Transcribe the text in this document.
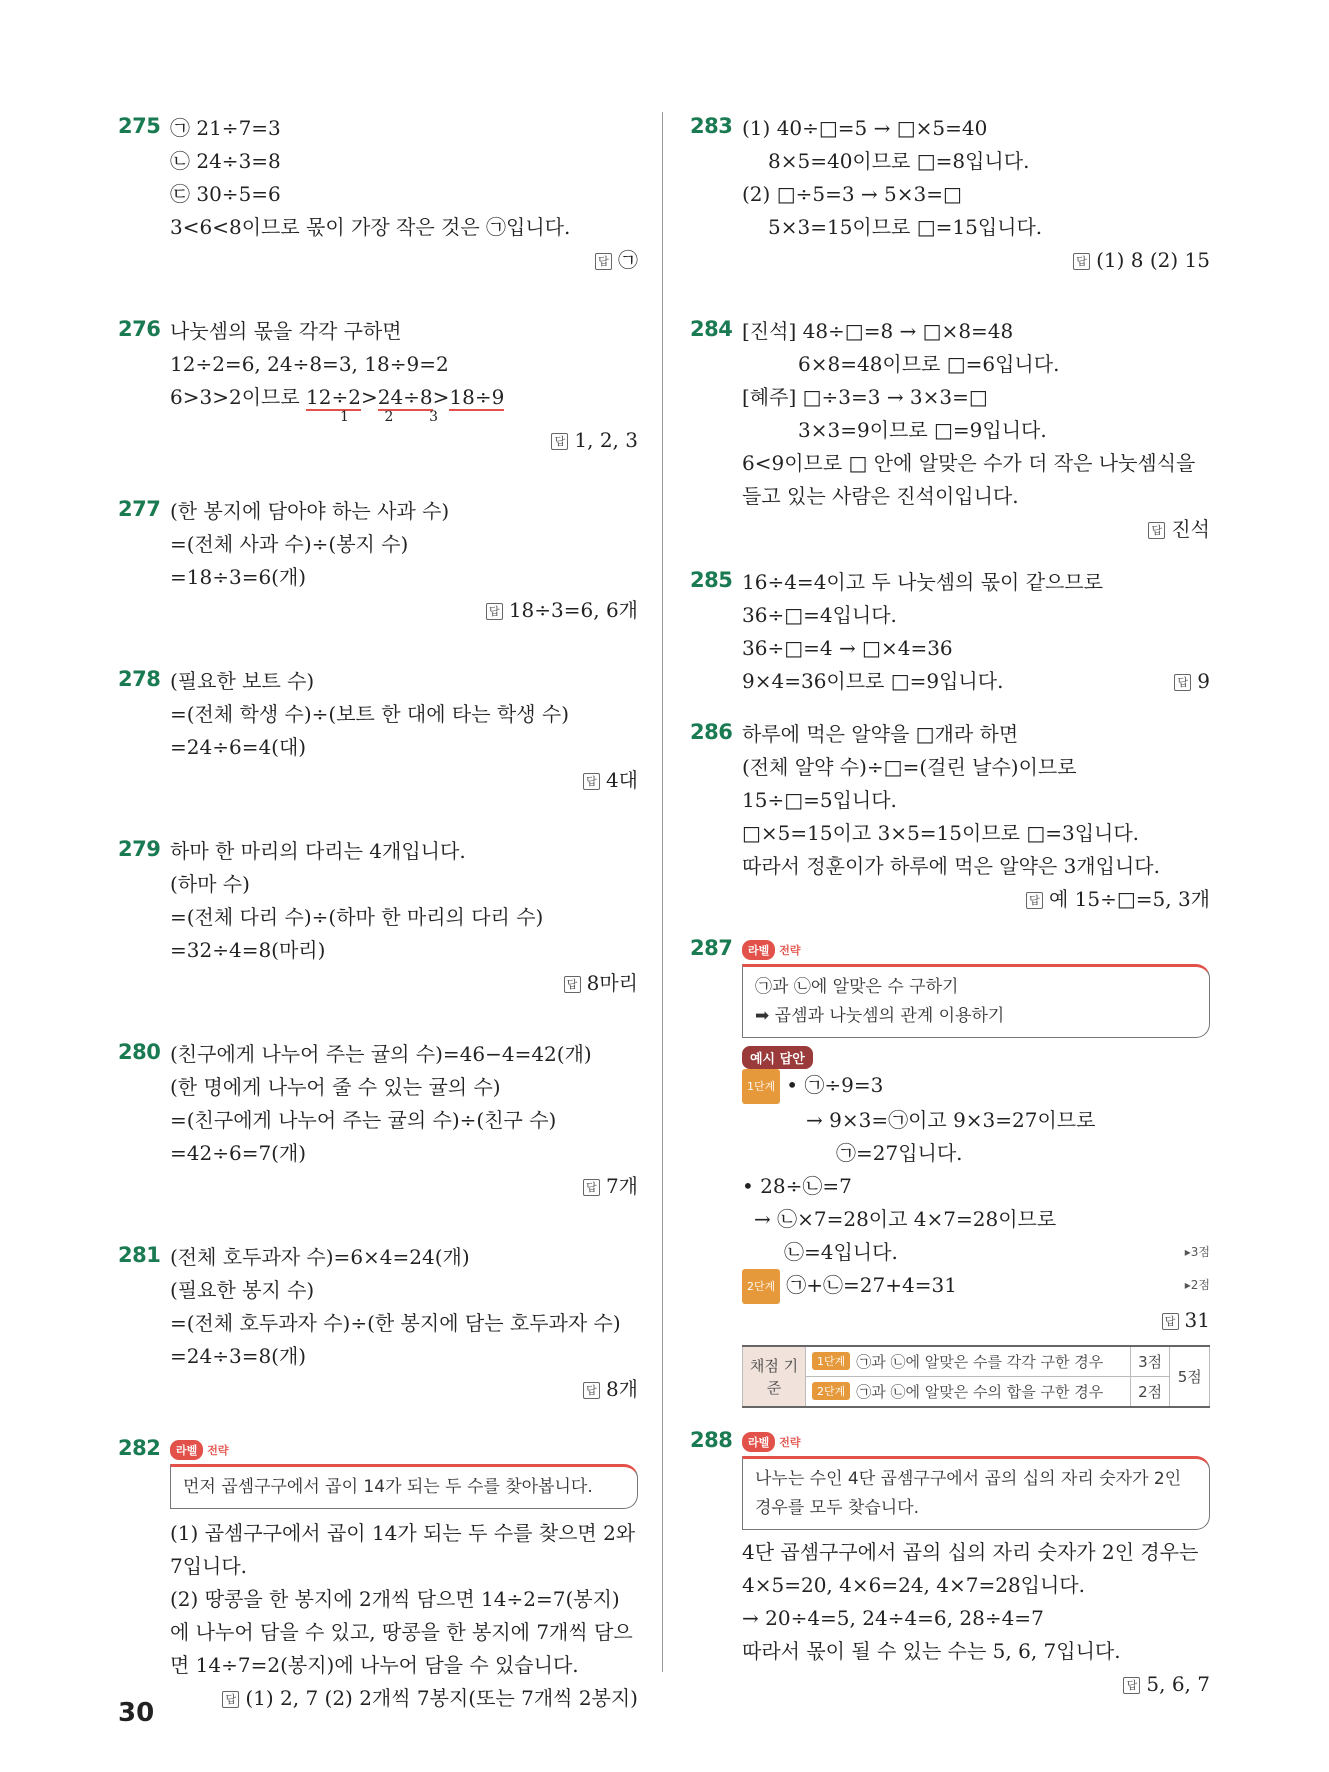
275 ㉠ 21÷7=3
㉡ 24÷3=8
㉢ 30÷5=6
3<6<8이므로 몫이 가장 작은 것은 ㉠입니다.
답 ㉠
276 나눗셈의 몫을 각각 구하면
12÷2=6, 24÷8=3, 18÷9=2
6>3>2이므로 12÷2>24÷8>18÷9
1	2	3
답 1, 2, 3
277 (한 봉지에 담아야 하는 사과 수)
=(전체 사과 수)÷(봉지 수)
=18÷3=6(개)
답 18÷3=6, 6개
278 (필요한 보트 수)
=(전체 학생 수)÷(보트 한 대에 타는 학생 수)
=24÷6=4(대)
답 4대
279 하마 한 마리의 다리는 4개입니다.
(하마 수)
=(전체 다리 수)÷(하마 한 마리의 다리 수)
=32÷4=8(마리)
답 8마리
280 (친구에게 나누어 주는 귤의 수)=46−4=42(개)
(한 명에게 나누어 줄 수 있는 귤의 수)
=(친구에게 나누어 주는 귤의 수)÷(친구 수)
=42÷6=7(개)
답 7개
281 (전체 호두과자 수)=6×4=24(개)
(필요한 봉지 수)
=(전체 호두과자 수)÷(한 봉지에 담는 호두과자 수)
=24÷3=8(개)
답 8개
282	라벨 전략
먼저 곱셈구구에서 곱이 14가 되는 두 수를 찾아봅니다.
(1) 곱셈구구에서 곱이 14가 되는 두 수를 찾으면 2와 7입니다.
(2) 땅콩을 한 봉지에 2개씩 담으면 14÷2=7(봉지)에 나누어 담을 수 있고, 땅콩을 한 봉지에 7개씩 담으면 14÷7=2(봉지)에 나누어 담을 수 있습니다.
답 (1) 2, 7 (2) 2개씩 7봉지(또는 7개씩 2봉지)
283 (1) 40÷□=5 → □×5=40
8×5=40이므로 □=8입니다.
(2) □÷5=3 → 5×3=□
5×3=15이므로 □=15입니다.
답 (1) 8 (2) 15
284 [진석] 48÷□=8 → □×8=48
6×8=48이므로 □=6입니다.
[혜주] □÷3=3 → 3×3=□
3×3=9이므로 □=9입니다.
6<9이므로 □ 안에 알맞은 수가 더 작은 나눗셈식을 들고 있는 사람은 진석이입니다.
답 진석
285 16÷4=4이고 두 나눗셈의 몫이 같으므로
36÷□=4입니다.
36÷□=4 → □×4=36
9×4=36이므로 □=9입니다.	답 9
286 하루에 먹은 알약을 □개라 하면
(전체 알약 수)÷□=(걸린 날수)이므로
15÷□=5입니다.
□×5=15이고 3×5=15이므로 □=3입니다.
따라서 정훈이가 하루에 먹은 알약은 3개입니다.
답 예 15÷□=5, 3개
287	라벨 전략
㉠과 ㉡에 알맞은 수 구하기
➡ 곱셈과 나눗셈의 관계 이용하기
예시 답안
1단계 • ㉠÷9=3
→ 9×3=㉠이고 9×3=27이므로
㉠=27입니다.
• 28÷㉡=7
→ ㉡×7=28이고 4×7=28이므로
㉡=4입니다.	▸3점
2단계 ㉠+㉡=27+4=31	▸2점
답 31
채점 기준	1단계 ㉠과 ㉡에 알맞은 수를 각각 구한 경우	3점	5점
	2단계 ㉠과 ㉡에 알맞은 수의 합을 구한 경우	2점	
288	라벨 전략
나누는 수인 4단 곱셈구구에서 곱의 십의 자리 숫자가 2인 경우를 모두 찾습니다.
4단 곱셈구구에서 곱의 십의 자리 숫자가 2인 경우는 4×5=20, 4×6=24, 4×7=28입니다.
→ 20÷4=5, 24÷4=6, 28÷4=7
따라서 몫이 될 수 있는 수는 5, 6, 7입니다.
답 5, 6, 7
30
